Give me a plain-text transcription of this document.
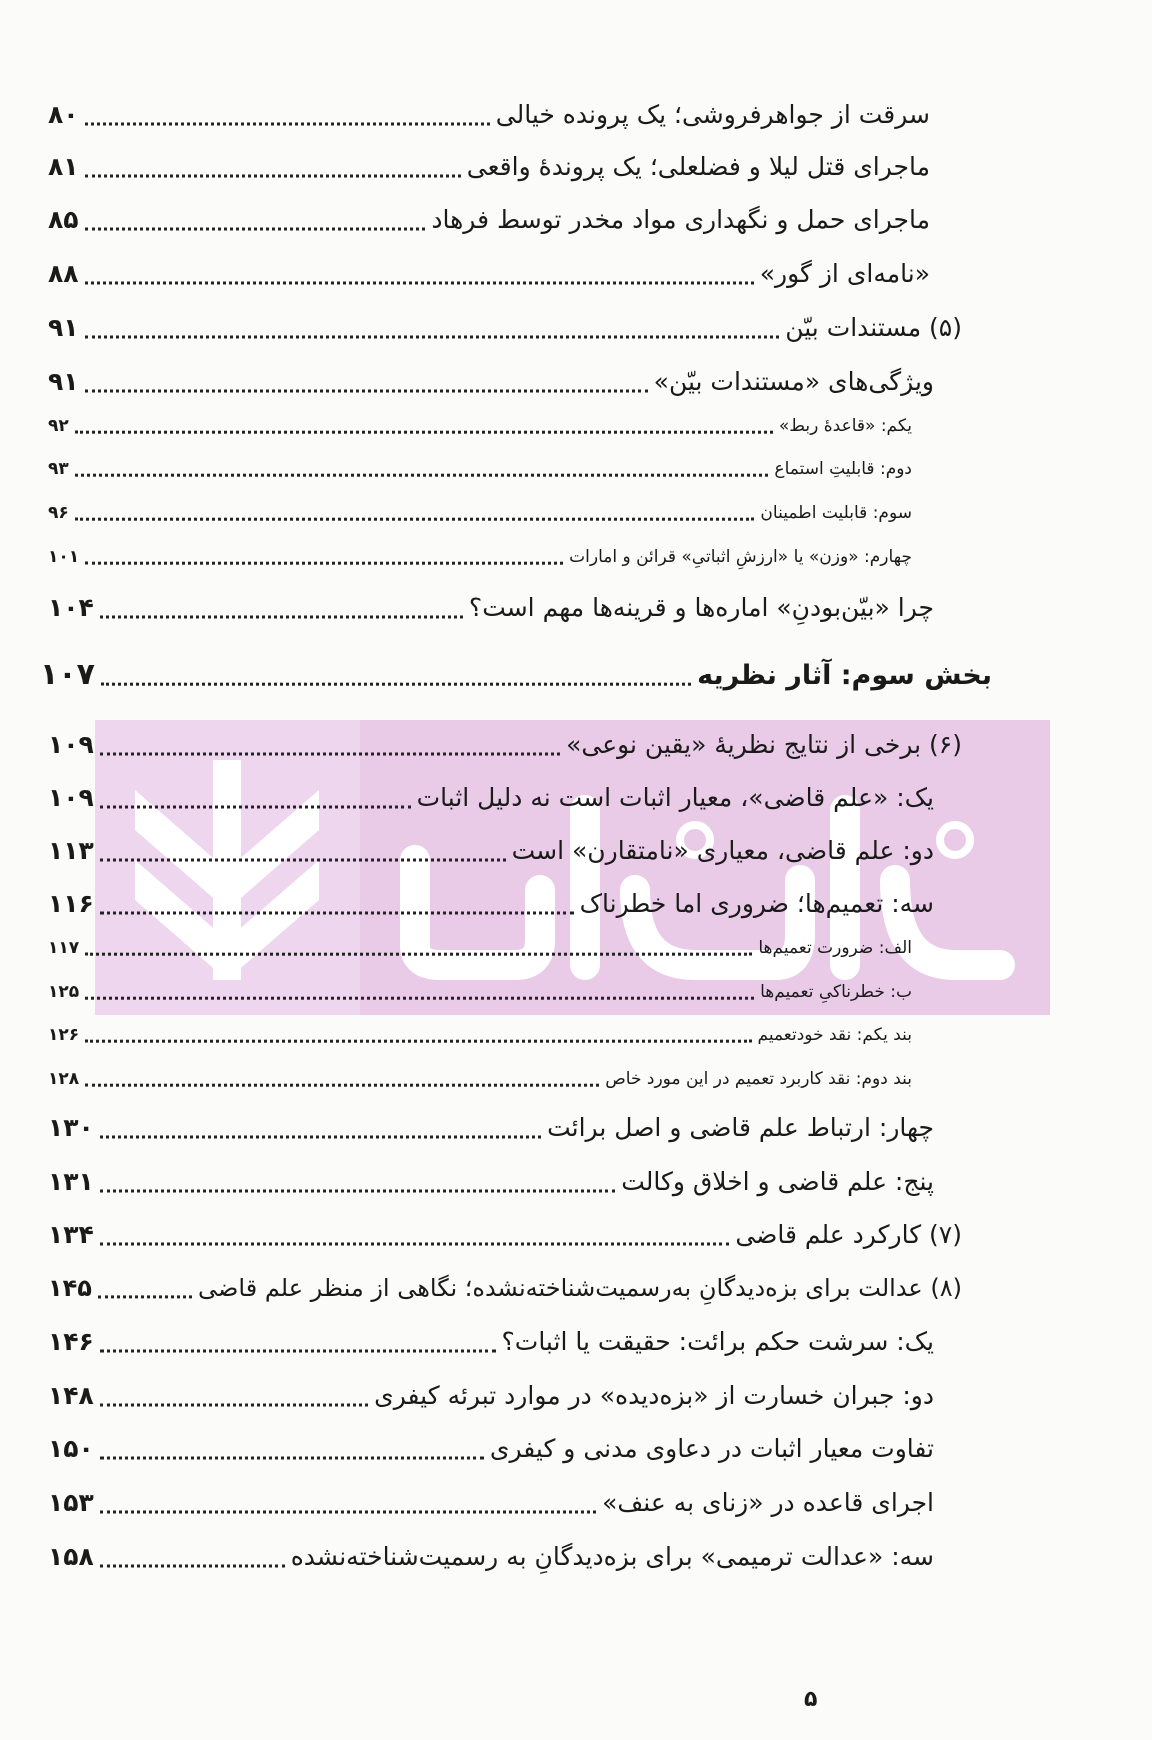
سرقت از جواهرفروشی؛ یک پرونده خیالی
۸۰
ماجرای قتل لیلا و فضلعلی؛ یک پروندهٔ واقعی
۸۱
ماجرای حمل و نگهداری مواد مخدر توسط فرهاد
۸۵
«نامه‌ای از گور»
۸۸
(۵) مستندات بیّن
۹۱
ویژگی‌های «مستندات بیّن»
۹۱
یکم: «قاعدهٔ ربط»
۹۲
دوم: قابلیتِ استماع
۹۳
سوم: قابلیت اطمینان
۹۶
چهارم: «وزن» یا «ارزشِ اثباتیِ» قرائن و امارات
۱۰۱
چرا «بیّن‌بودنِ» اماره‌ها و قرینه‌ها مهم است؟
۱۰۴
بخش سوم: آثار نظریه
۱۰۷
(۶) برخی از نتایج نظریهٔ «یقین نوعی»
۱۰۹
یک: «علم قاضی»، معیار اثبات است نه دلیل اثبات
۱۰۹
دو: علم قاضی، معیاری «نامتقارن» است
۱۱۳
سه: تعمیم‌ها؛ ضروری اما خطرناک
۱۱۶
الف: ضرورت تعمیم‌ها
۱۱۷
ب: خطرناکیِ تعمیم‌ها
۱۲۵
بند یکم: نقد خودتعمیم
۱۲۶
بند دوم: نقد کاربرد تعمیم در این مورد خاص
۱۲۸
چهار: ارتباط علم قاضی و اصل برائت
۱۳۰
پنج: علم قاضی و اخلاق وکالت
۱۳۱
(۷) کارکرد علم قاضی
۱۳۴
(۸) عدالت برای بزه‌دیدگانِ به‌رسمیت‌شناخته‌نشده؛ نگاهی از منظر علم قاضی
۱۴۵
یک: سرشت حکم برائت: حقیقت یا اثبات؟
۱۴۶
دو: جبران خسارت از «بزه‌دیده» در موارد تبرئه کیفری
۱۴۸
تفاوت معیار اثبات در دعاوی مدنی و کیفری
۱۵۰
اجرای قاعده در «زنای به عنف»
۱۵۳
سه: «عدالت ترمیمی» برای بزه‌دیدگانِ به رسمیت‌شناخته‌نشده
۱۵۸
۵
